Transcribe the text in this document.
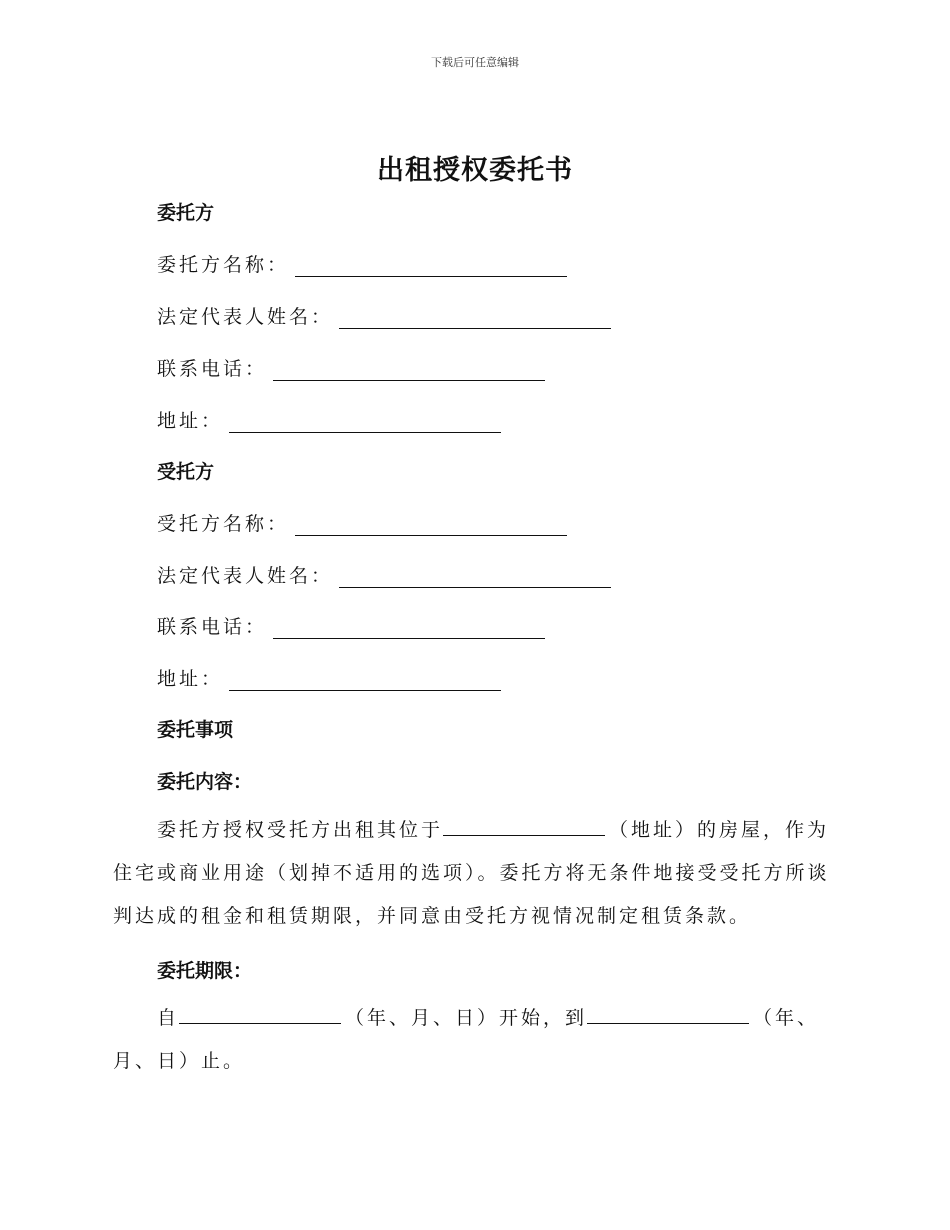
下载后可任意编辑
出租授权委托书
委托方
委托方名称：
法定代表人姓名：
联系电话：
地址：
受托方
受托方名称：
法定代表人姓名：
联系电话：
地址：
委托事项
委托内容：

委托方授权受托方出租其位于	（地址）的房屋，作为住宅或商业用途（划掉不适用的选项）。委托方将无条件地接受受托方所谈判达成的租金和租赁期限，并同意由受托方视情况制定租赁条款。

委托期限：

自	（年、月、日）开始，到	（年、月、日）止。
